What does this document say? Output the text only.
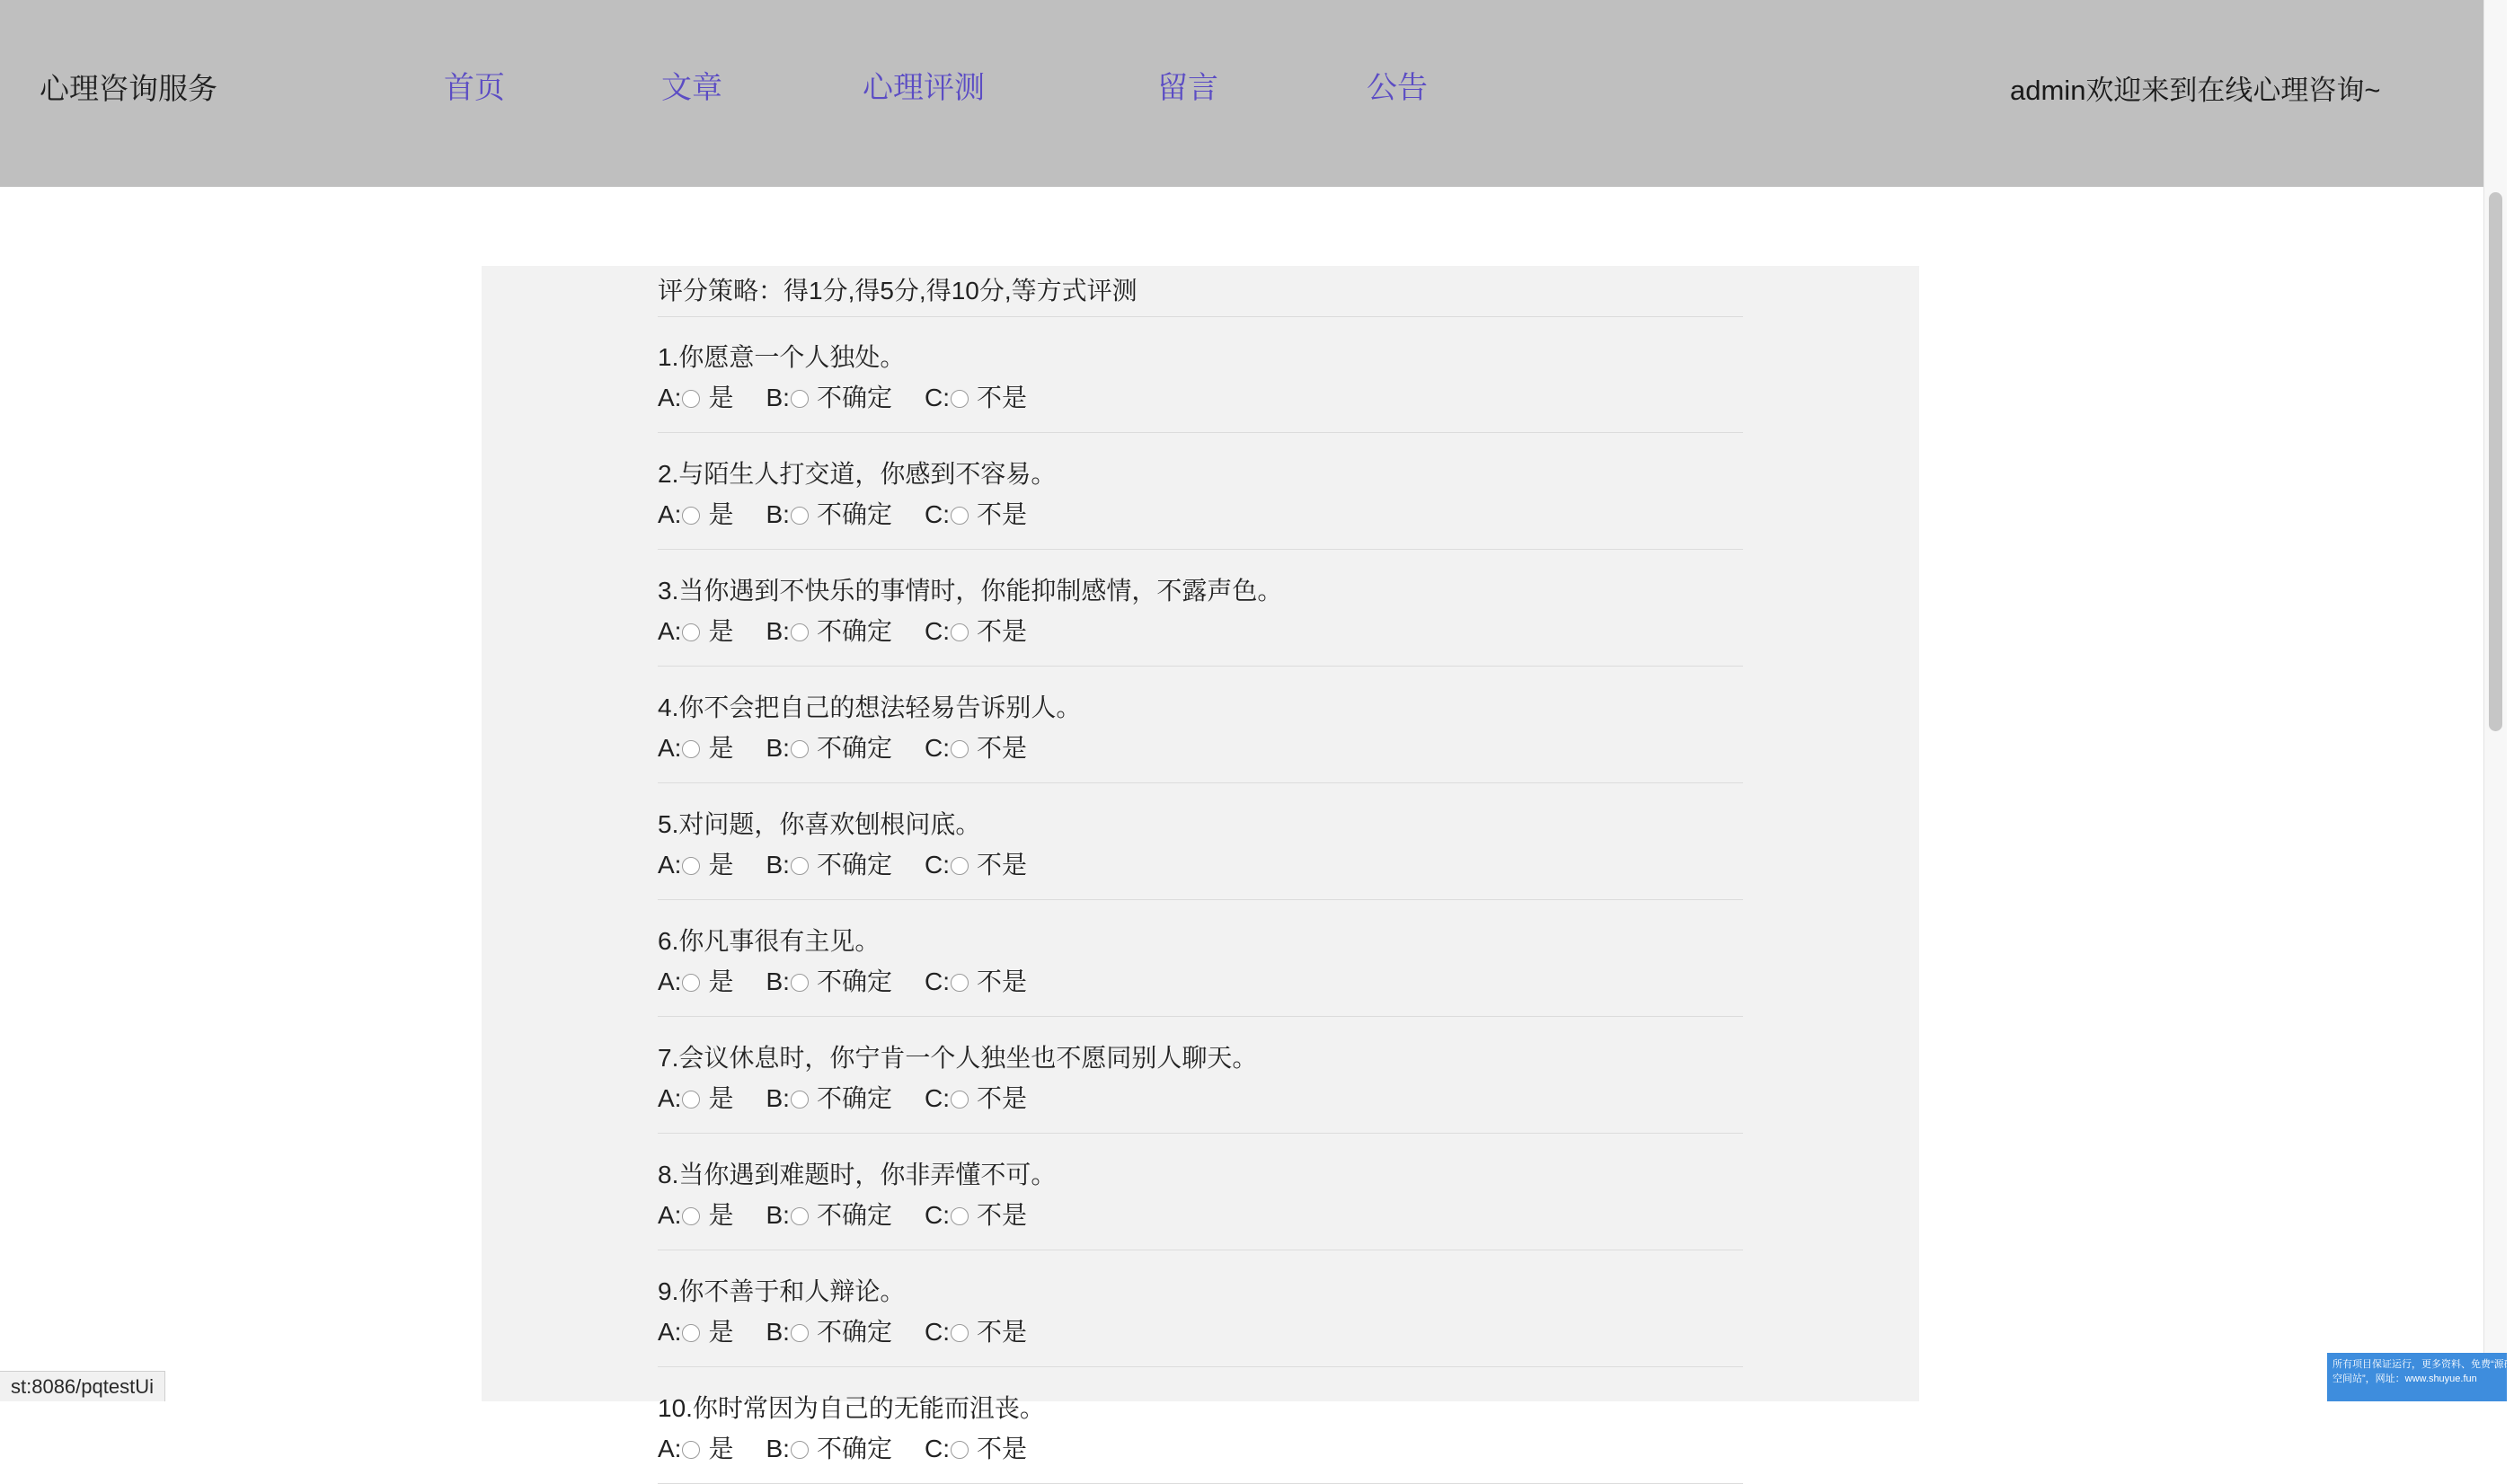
心理咨询服务	首页	文章	心理评测	留言	公告	admin欢迎来到在线心理咨询~
评分策略：得1分,得5分,得10分,等方式评测
1.你愿意一个人独处。
A: 是 B: 不确定 C: 不是
2.与陌生人打交道，你感到不容易。
A: 是 B: 不确定 C: 不是
3.当你遇到不快乐的事情时，你能抑制感情，不露声色。
A: 是 B: 不确定 C: 不是
4.你不会把自己的想法轻易告诉别人。
A: 是 B: 不确定 C: 不是
5.对问题，你喜欢刨根问底。
A: 是 B: 不确定 C: 不是
6.你凡事很有主见。
A: 是 B: 不确定 C: 不是
7.会议休息时，你宁肯一个人独坐也不愿同别人聊天。
A: 是 B: 不确定 C: 不是
8.当你遇到难题时，你非弄懂不可。
A: 是 B: 不确定 C: 不是
9.你不善于和人辩论。
A: 是 B: 不确定 C: 不是
10.你时常因为自己的无能而沮丧。
A: 是 B: 不确定 C: 不是
st:8086/pqtestUi
所有项目保证运行，更多资料、免费“源码
空间站”，网址：www.shuyue.fun
